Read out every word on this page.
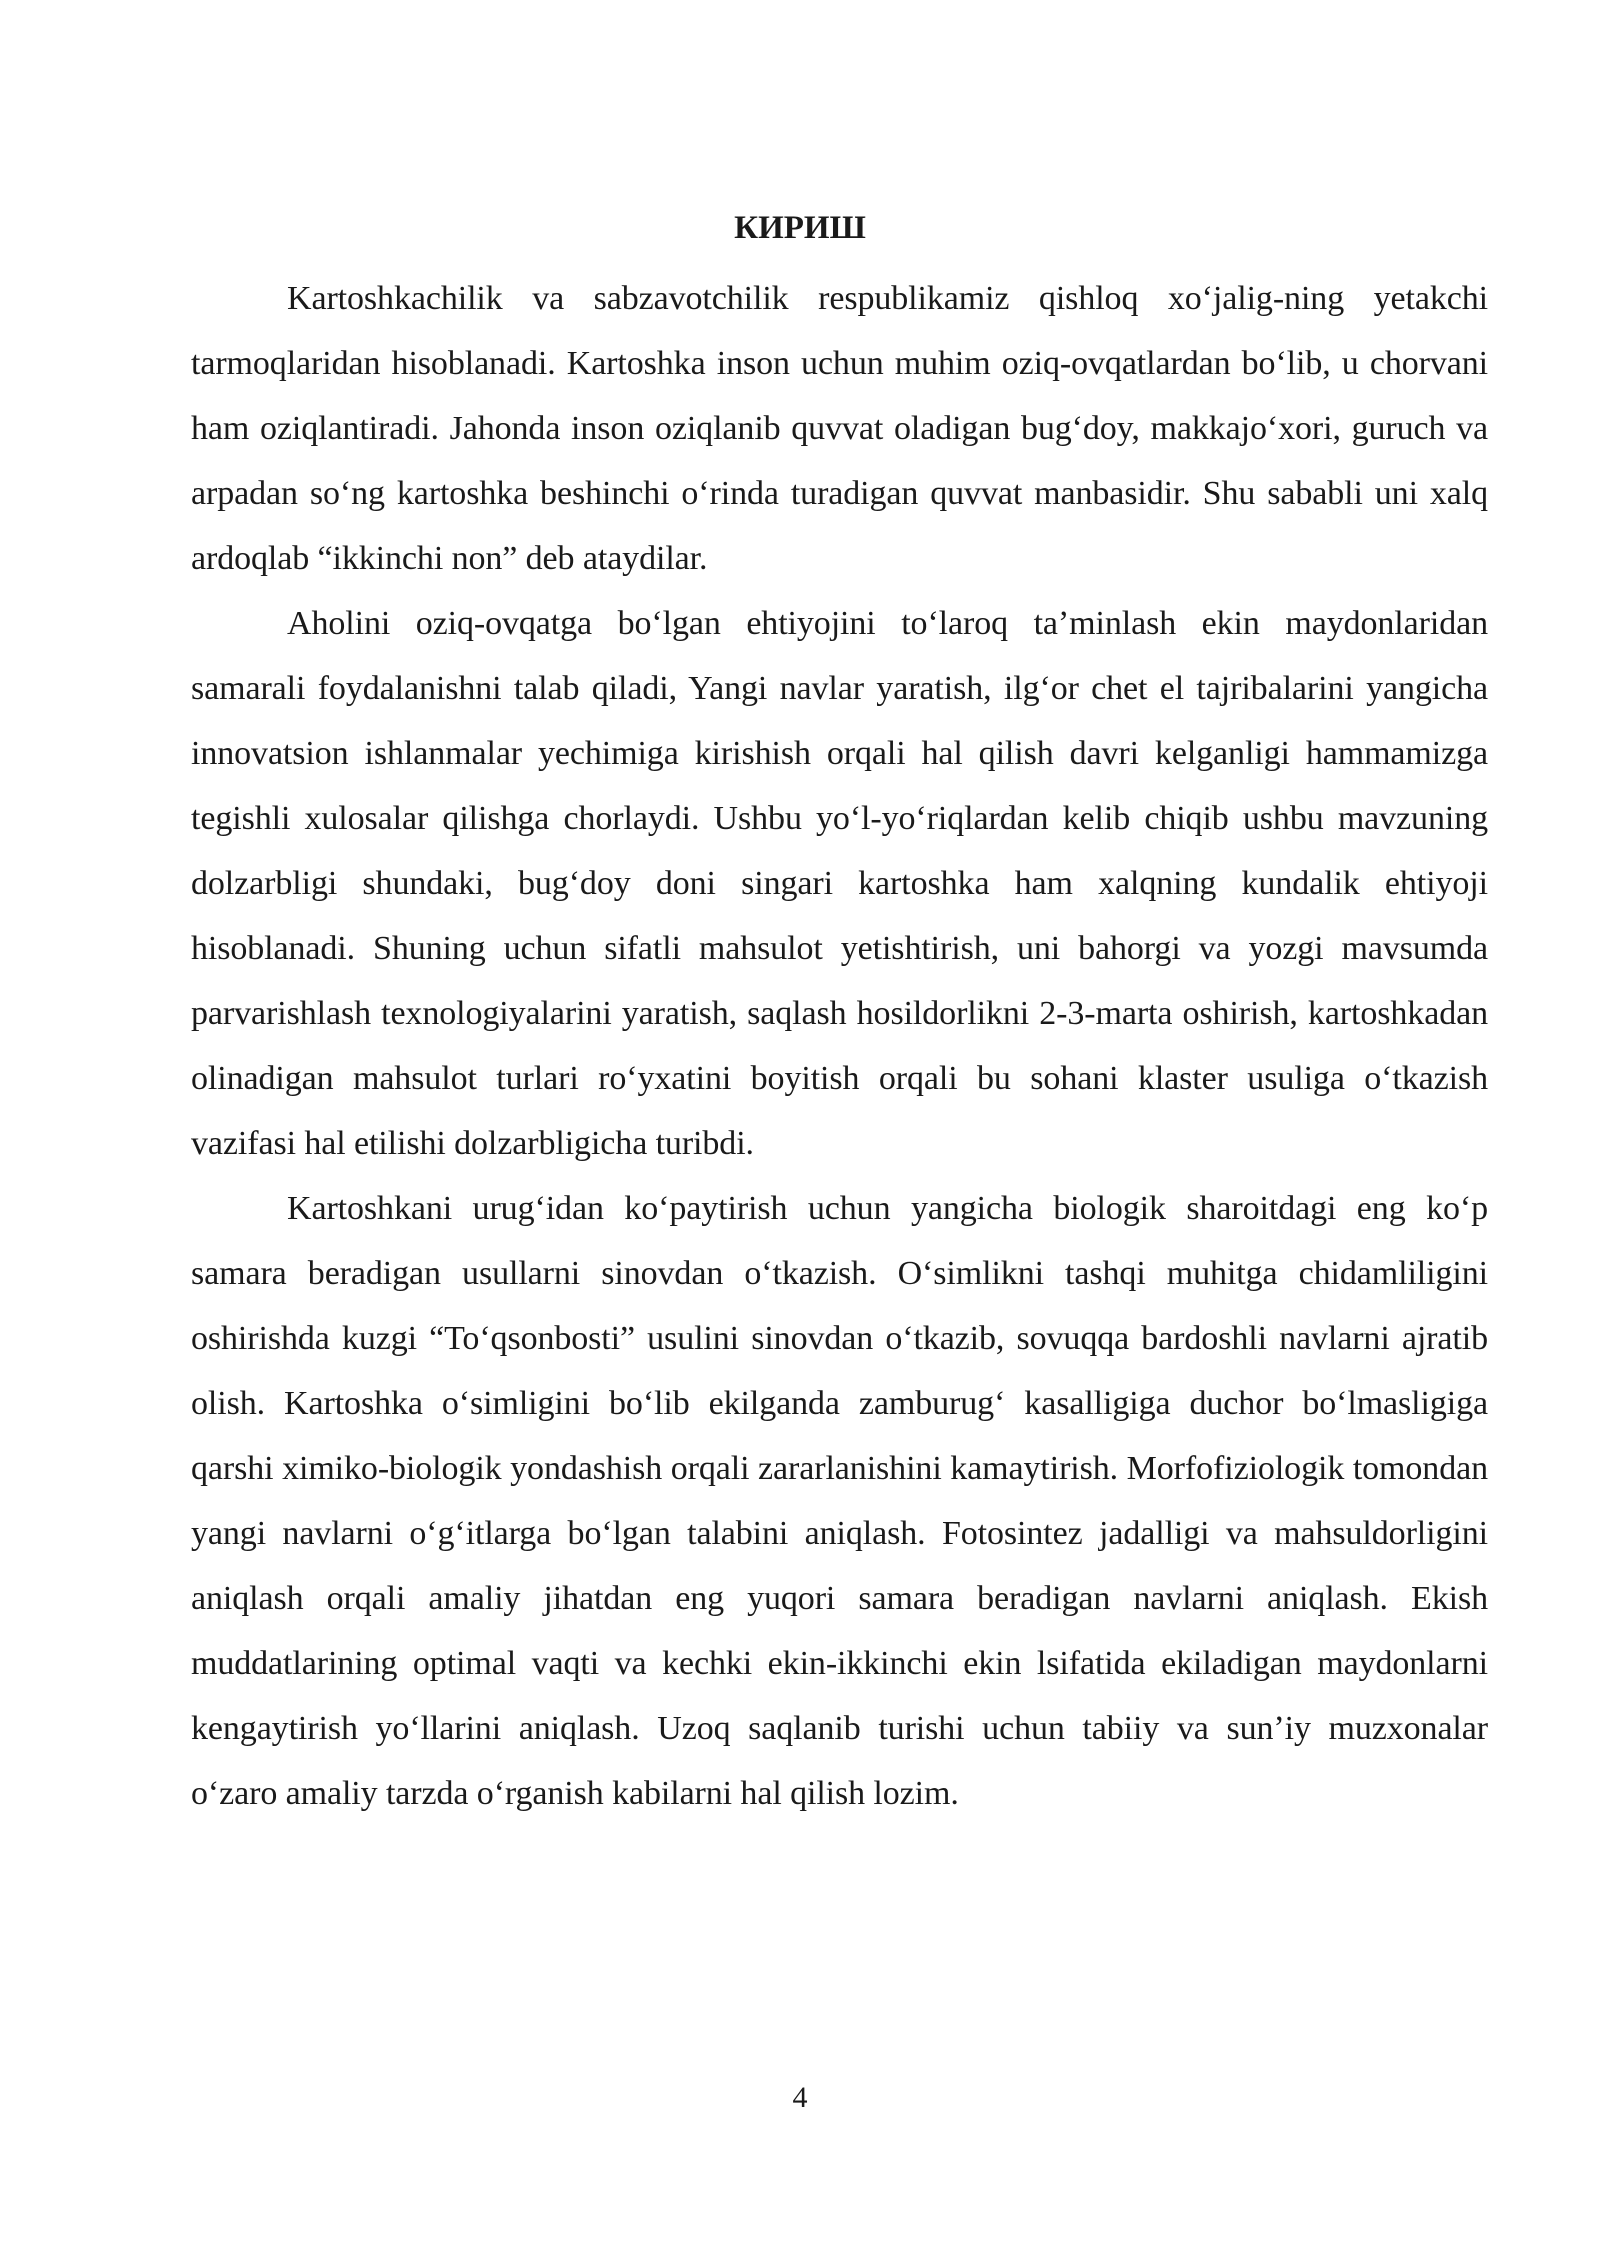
КИРИШ

Kartoshkachilik va sabzavotchilik respublikamiz qishloq xoʻjalig-ning yetakchi tarmoqlaridan hisoblanadi. Kartoshka inson uchun muhim oziq-ovqatlardan boʻlib, u chorvani ham oziqlantiradi. Jahonda inson oziqlanib quvvat oladigan bugʻdoy, makkajoʻxori, guruch va arpadan soʻng kartoshka beshinchi oʻrinda turadigan quvvat manbasidir. Shu sababli uni xalq ardoqlab “ikkinchi non” deb ataydilar.

Aholini oziq-ovqatga boʻlgan ehtiyojini toʻlaroq taʼminlash ekin maydonlaridan samarali foydalanishni talab qiladi, Yangi navlar yaratish, ilgʻor chet el tajribalarini yangicha innovatsion ishlanmalar yechimiga kirishish orqali hal qilish davri kelganligi hammamizga tegishli xulosalar qilishga chorlaydi. Ushbu yoʻl-yoʻriqlardan kelib chiqib ushbu mavzuning dolzarbligi shundaki, bugʻdoy doni singari kartoshka ham xalqning kundalik ehtiyoji hisoblanadi. Shuning uchun sifatli mahsulot yetishtirish, uni bahorgi va yozgi mavsumda parvarishlash texnologiyalarini yaratish, saqlash hosildorlikni 2-3-marta oshirish, kartoshkadan olinadigan mahsulot turlari roʻyxatini boyitish orqali bu sohani klaster usuliga oʻtkazish vazifasi hal etilishi dolzarbligicha turibdi.

Kartoshkani urugʻidan koʻpaytirish uchun yangicha biologik sharoitdagi eng koʻp samara beradigan usullarni sinovdan oʻtkazish. Oʻsimlikni tashqi muhitga chidamliligini oshirishda kuzgi “Toʻqsonbosti” usulini sinovdan oʻtkazib, sovuqqa bardoshli navlarni ajratib olish. Kartoshka oʻsimligini boʻlib ekilganda zamburugʻ kasalligiga duchor boʻlmasligiga qarshi ximiko-biologik yondashish orqali zararlanishini kamaytirish. Morfofiziologik tomondan yangi navlarni oʻgʻitlarga boʻlgan talabini aniqlash. Fotosintez jadalligi va mahsuldorligini aniqlash orqali amaliy jihatdan eng yuqori samara beradigan navlarni aniqlash. Ekish muddatlarining optimal vaqti va kechki ekin-ikkinchi ekin lsifatida ekiladigan maydonlarni kengaytirish yoʻllarini aniqlash. Uzoq saqlanib turishi uchun tabiiy va sunʼiy muzxonalar oʻzaro amaliy tarzda oʻrganish kabilarni hal qilish lozim.

4
